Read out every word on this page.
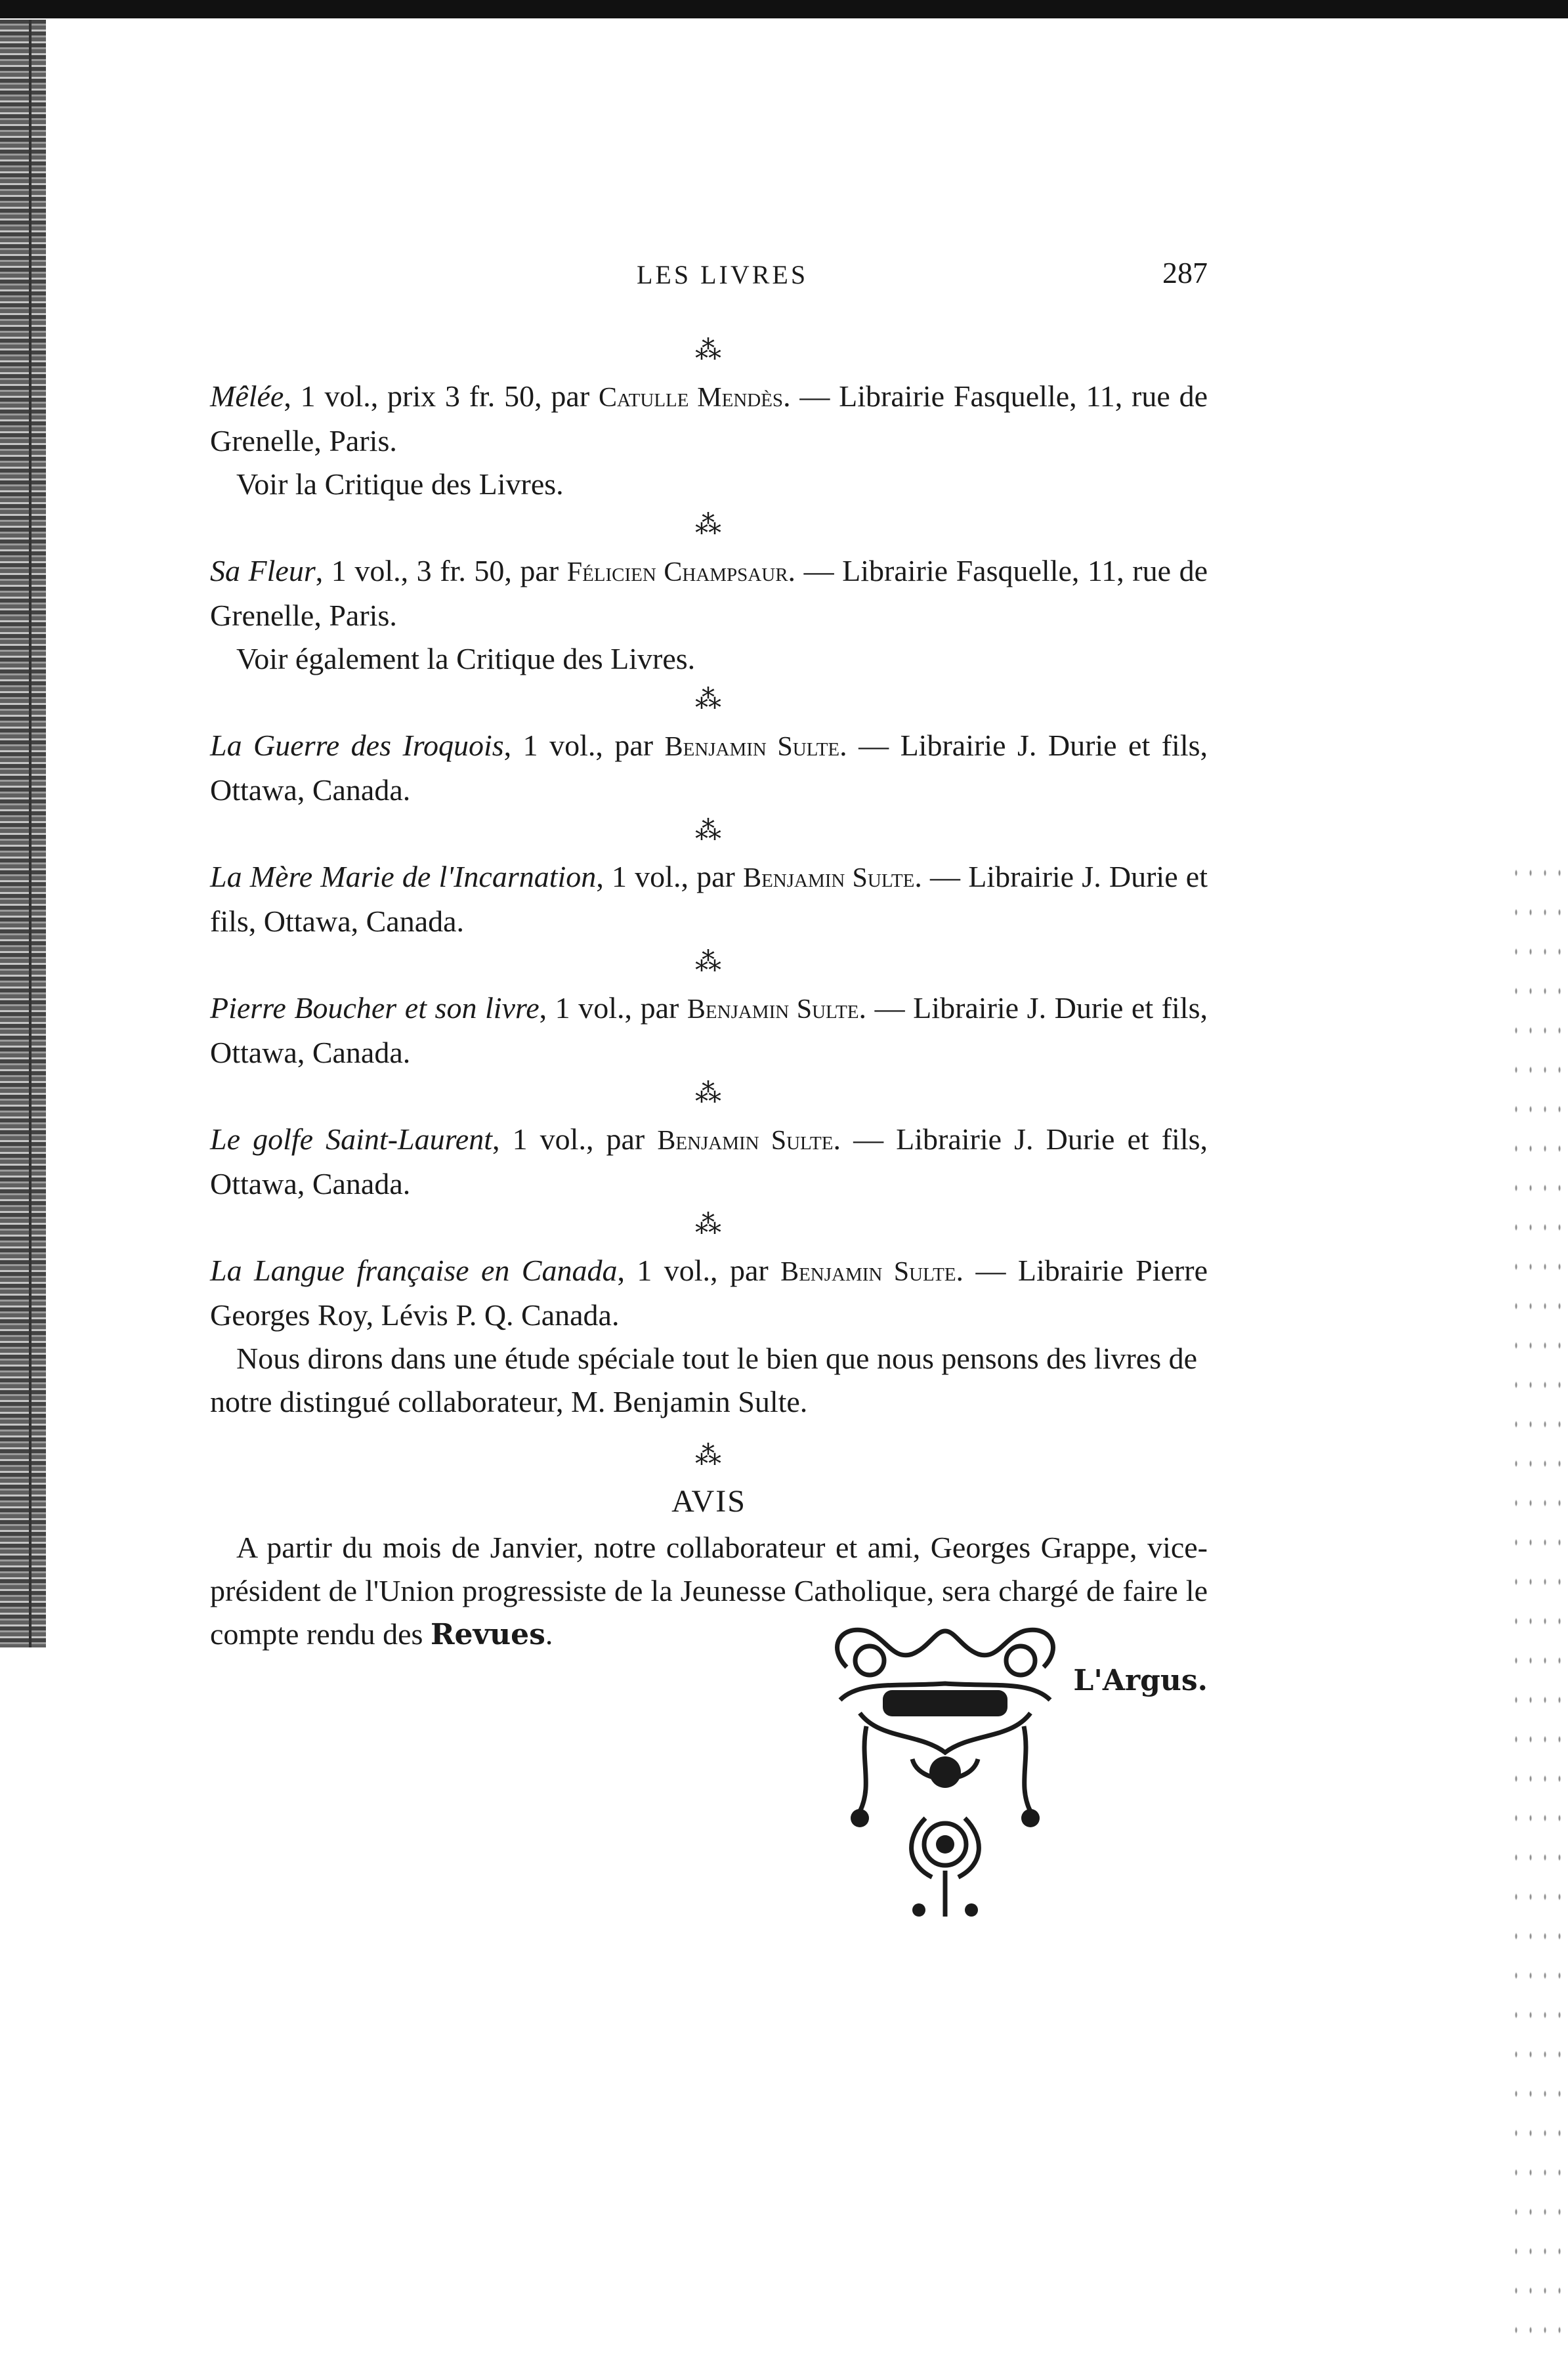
LES LIVRES	287
⁂

Mêlée, 1 vol., prix 3 fr. 50, par Catulle Mendès. — Librairie Fasquelle, 11, rue de Grenelle, Paris.

Voir la Critique des Livres.

⁂

Sa Fleur, 1 vol., 3 fr. 50, par Félicien Champsaur. — Librairie Fasquelle, 11, rue de Grenelle, Paris.

Voir également la Critique des Livres.

⁂

La Guerre des Iroquois, 1 vol., par Benjamin Sulte. — Librairie J. Durie et fils, Ottawa, Canada.

⁂

La Mère Marie de l'Incarnation, 1 vol., par Benjamin Sulte. — Librairie J. Durie et fils, Ottawa, Canada.

⁂

Pierre Boucher et son livre, 1 vol., par Benjamin Sulte. — Librairie J. Durie et fils, Ottawa, Canada.

⁂

Le golfe Saint-Laurent, 1 vol., par Benjamin Sulte. — Librairie J. Durie et fils, Ottawa, Canada.

⁂

La Langue française en Canada, 1 vol., par Benjamin Sulte. — Librairie Pierre Georges Roy, Lévis P. Q. Canada.

Nous dirons dans une étude spéciale tout le bien que nous pensons des livres de notre distingué collaborateur, M. Benjamin Sulte.

⁂
AVIS

A partir du mois de Janvier, notre collaborateur et ami, Georges Grappe, vice-président de l'Union progressiste de la Jeunesse Catholique, sera chargé de faire le compte rendu des Revues.

L'Argus.
